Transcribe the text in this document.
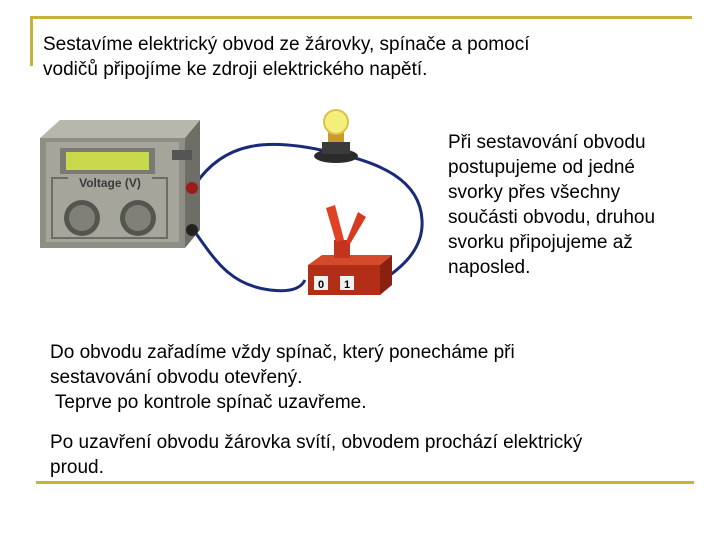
Sestavíme elektrický obvod ze žárovky, spínače a pomocí
vodičů připojíme ke zdroji elektrického napětí.

Voltage (V)
0 1

Při sestavování obvodu
postupujeme od jedné
svorky přes všechny
součásti obvodu, druhou
svorku připojujeme až
naposled.

Do obvodu zařadíme vždy spínač, který ponecháme při
sestavování obvodu otevřený.
Teprve po kontrole spínač uzavřeme.

Po uzavření obvodu žárovka svítí, obvodem prochází elektrický
proud.
